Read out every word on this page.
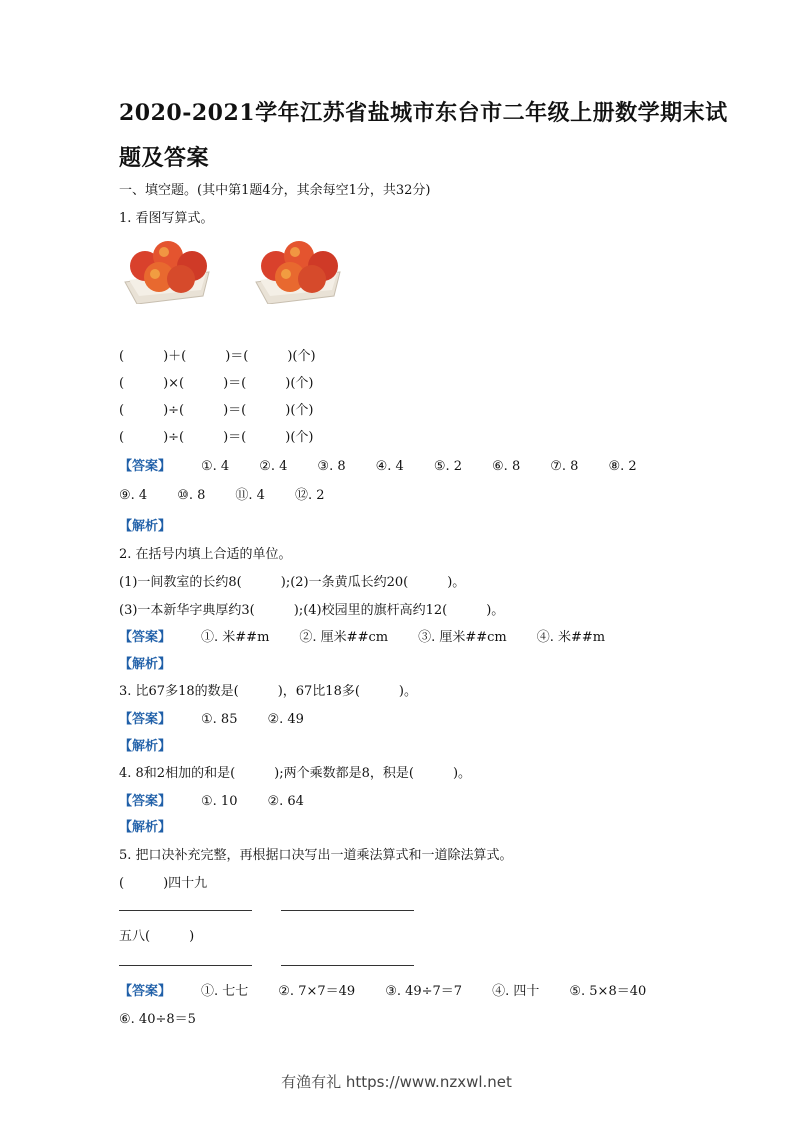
2020-2021学年江苏省盐城市东台市二年级上册数学期末试
题及答案
一、填空题。(其中第1题4分，其余每空1分，共32分)
1. 看图写算式。
(　　　)＋(　　　)＝(　　　)(个)
(　　　)×(　　　)＝(　　　)(个)
(　　　)÷(　　　)＝(　　　)(个)
(　　　)÷(　　　)＝(　　　)(个)
【答案】 ①. 4 ②. 4 ③. 8 ④. 4 ⑤. 2 ⑥. 8 ⑦. 8 ⑧. 2
⑨. 4 ⑩. 8 ⑪. 4 ⑫. 2
【解析】
2. 在括号内填上合适的单位。
(1)一间教室的长约8(　　　);(2)一条黄瓜长约20(　　　)。
(3)一本新华字典厚约3(　　　);(4)校园里的旗杆高约12(　　　)。
【答案】 ①. 米##m ②. 厘米##cm ③. 厘米##cm ④. 米##m
【解析】
3. 比67多18的数是(　　　)，67比18多(　　　)。
【答案】 ①. 85 ②. 49
【解析】
4. 8和2相加的和是(　　　);两个乘数都是8，积是(　　　)。
【答案】 ①. 10 ②. 64
【解析】
5. 把口决补充完整，再根据口决写出一道乘法算式和一道除法算式。
(　　　)四十九
五八(　　　)
【答案】 ①. 七七 ②. 7×7＝49 ③. 49÷7＝7 ④. 四十 ⑤. 5×8＝40
⑥. 40÷8＝5
有渔有礼 https://www.nzxwl.net
